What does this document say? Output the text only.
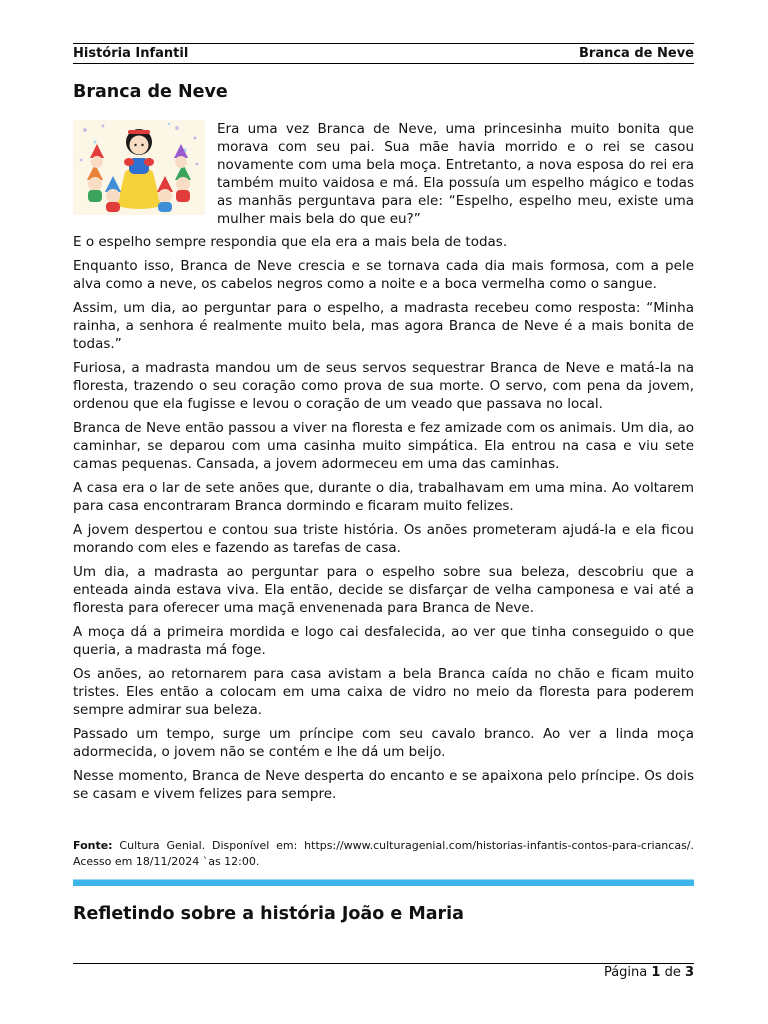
História Infantil	Branca de Neve
Branca de Neve

Era uma vez Branca de Neve, uma princesinha muito bonita que morava com seu pai. Sua mãe havia morrido e o rei se casou novamente com uma bela moça. Entretanto, a nova esposa do rei era também muito vaidosa e má. Ela possuía um espelho mágico e todas as manhãs perguntava para ele: “Espelho, espelho meu, existe uma mulher mais bela do que eu?”

E o espelho sempre respondia que ela era a mais bela de todas.

Enquanto isso, Branca de Neve crescia e se tornava cada dia mais formosa, com a pele alva como a neve, os cabelos negros como a noite e a boca vermelha como o sangue.

Assim, um dia, ao perguntar para o espelho, a madrasta recebeu como resposta: “Minha rainha, a senhora é realmente muito bela, mas agora Branca de Neve é a mais bonita de todas.”

Furiosa, a madrasta mandou um de seus servos sequestrar Branca de Neve e matá-la na floresta, trazendo o seu coração como prova de sua morte. O servo, com pena da jovem, ordenou que ela fugisse e levou o coração de um veado que passava no local.

Branca de Neve então passou a viver na floresta e fez amizade com os animais. Um dia, ao caminhar, se deparou com uma casinha muito simpática. Ela entrou na casa e viu sete camas pequenas. Cansada, a jovem adormeceu em uma das caminhas.

A casa era o lar de sete anões que, durante o dia, trabalhavam em uma mina. Ao voltarem para casa encontraram Branca dormindo e ficaram muito felizes.

A jovem despertou e contou sua triste história. Os anões prometeram ajudá-la e ela ficou morando com eles e fazendo as tarefas de casa.

Um dia, a madrasta ao perguntar para o espelho sobre sua beleza, descobriu que a enteada ainda estava viva. Ela então, decide se disfarçar de velha camponesa e vai até a floresta para oferecer uma maçã envenenada para Branca de Neve.

A moça dá a primeira mordida e logo cai desfalecida, ao ver que tinha conseguido o que queria, a madrasta má foge.

Os anões, ao retornarem para casa avistam a bela Branca caída no chão e ficam muito tristes. Eles então a colocam em uma caixa de vidro no meio da floresta para poderem sempre admirar sua beleza.

Passado um tempo, surge um príncipe com seu cavalo branco. Ao ver a linda moça adormecida, o jovem não se contém e lhe dá um beijo.

Nesse momento, Branca de Neve desperta do encanto e se apaixona pelo príncipe. Os dois se casam e vivem felizes para sempre.

Fonte: Cultura Genial. Disponível em: https://www.culturagenial.com/historias-infantis-contos-para-criancas/. Acesso em 18/11/2024 `as 12:00.

Refletindo sobre a história João e Maria
Página 1 de 3
